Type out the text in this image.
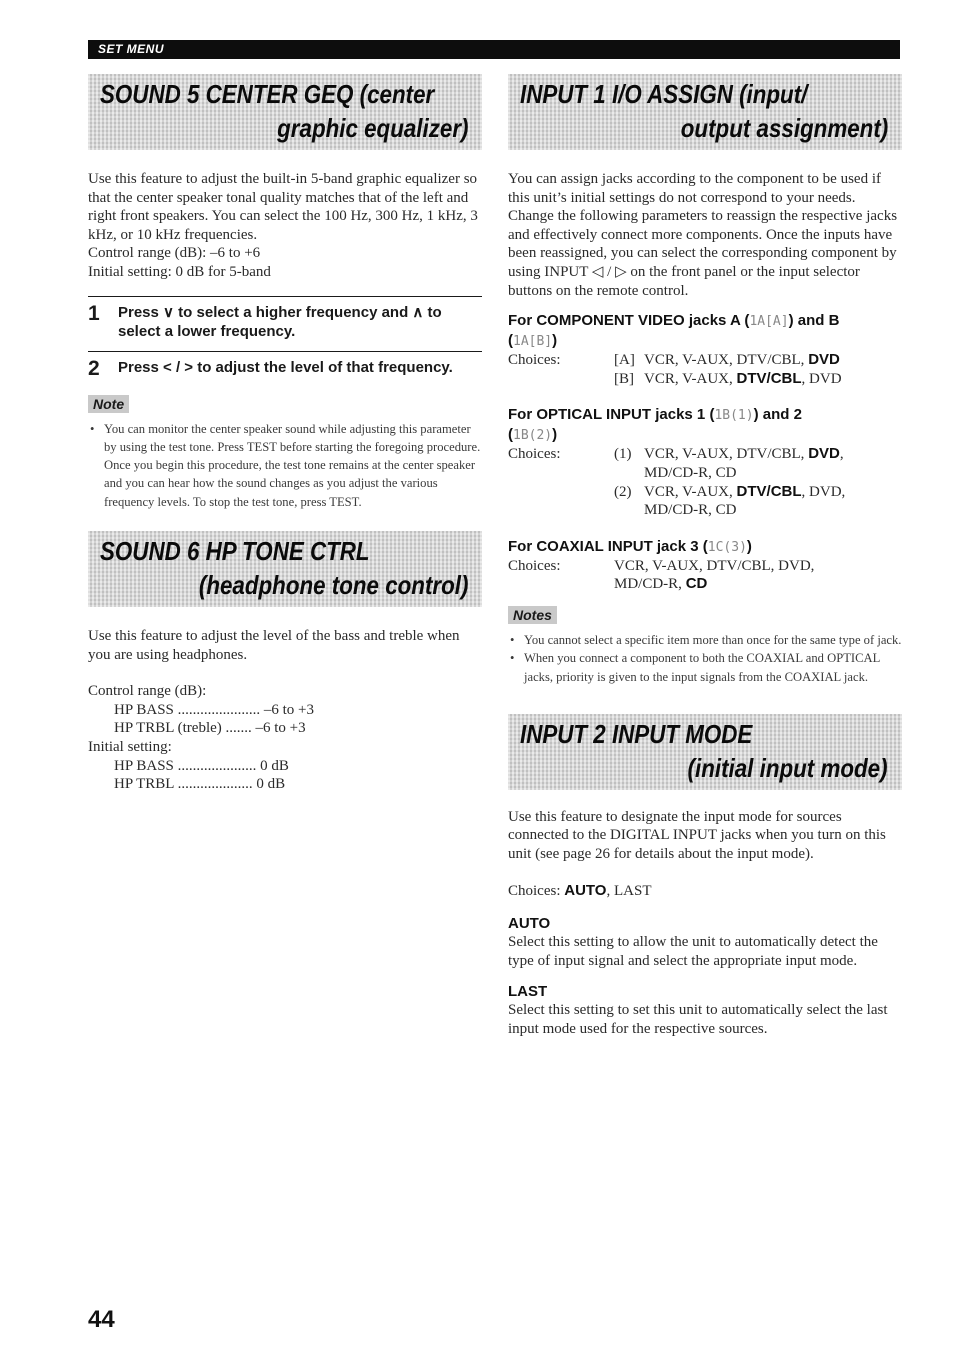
SET MENU
SOUND 5 CENTER GEQ (center
graphic equalizer)

Use this feature to adjust the built-in 5-band graphic equalizer so that the center speaker tonal quality matches that of the left and right front speakers. You can select the 100 Hz, 300 Hz, 1 kHz, 3 kHz, or 10 kHz frequencies.

Control range (dB): –6 to +6

Initial setting: 0 dB for 5-band

1 Press ∨ to select a higher frequency and ∧ to select a lower frequency.
2 Press < / > to adjust the level of that frequency.
Note
• You can monitor the center speaker sound while adjusting this parameter by using the test tone. Press TEST before starting the foregoing procedure. Once you begin this procedure, the test tone remains at the center speaker and you can hear how the sound changes as you adjust the various frequency levels. To stop the test tone, press TEST.
SOUND 6 HP TONE CTRL
(headphone tone control)

Use this feature to adjust the level of the bass and treble when you are using headphones.

Control range (dB):
HP BASS ...................... –6 to +3
HP TRBL (treble) ....... –6 to +3
Initial setting:
HP BASS ..................... 0 dB
HP TRBL .................... 0 dB
INPUT 1 I/O ASSIGN (input/
output assignment)

You can assign jacks according to the component to be used if this unit’s initial settings do not correspond to your needs. Change the following parameters to reassign the respective jacks and effectively connect more components. Once the inputs have been reassigned, you can select the corresponding component by using INPUT ◁ / ▷ on the front panel or the input selector buttons on the remote control.

For COMPONENT VIDEO jacks A (1A[A]) and B
(1A[B])
Choices:	[A] VCR, V-AUX, DTV/CBL, DVD
[B] VCR, V-AUX, DTV/CBL, DVD
For OPTICAL INPUT jacks 1 (1B(1)) and 2
(1B(2))
Choices:	(1) VCR, V-AUX, DTV/CBL, DVD,
MD/CD-R, CD
(2) VCR, V-AUX, DTV/CBL, DVD,
MD/CD-R, CD
For COAXIAL INPUT jack 3 (1C(3))
Choices:	VCR, V-AUX, DTV/CBL, DVD,
MD/CD-R, CD
Notes
• You cannot select a specific item more than once for the same type of jack.
• When you connect a component to both the COAXIAL and OPTICAL jacks, priority is given to the input signals from the COAXIAL jack.
INPUT 2 INPUT MODE
(initial input mode)

Use this feature to designate the input mode for sources connected to the DIGITAL INPUT jacks when you turn on this unit (see page 26 for details about the input mode).

Choices: AUTO, LAST

AUTO

Select this setting to allow the unit to automatically detect the type of input signal and select the appropriate input mode.

LAST

Select this setting to set this unit to automatically select the last input mode used for the respective sources.

44
